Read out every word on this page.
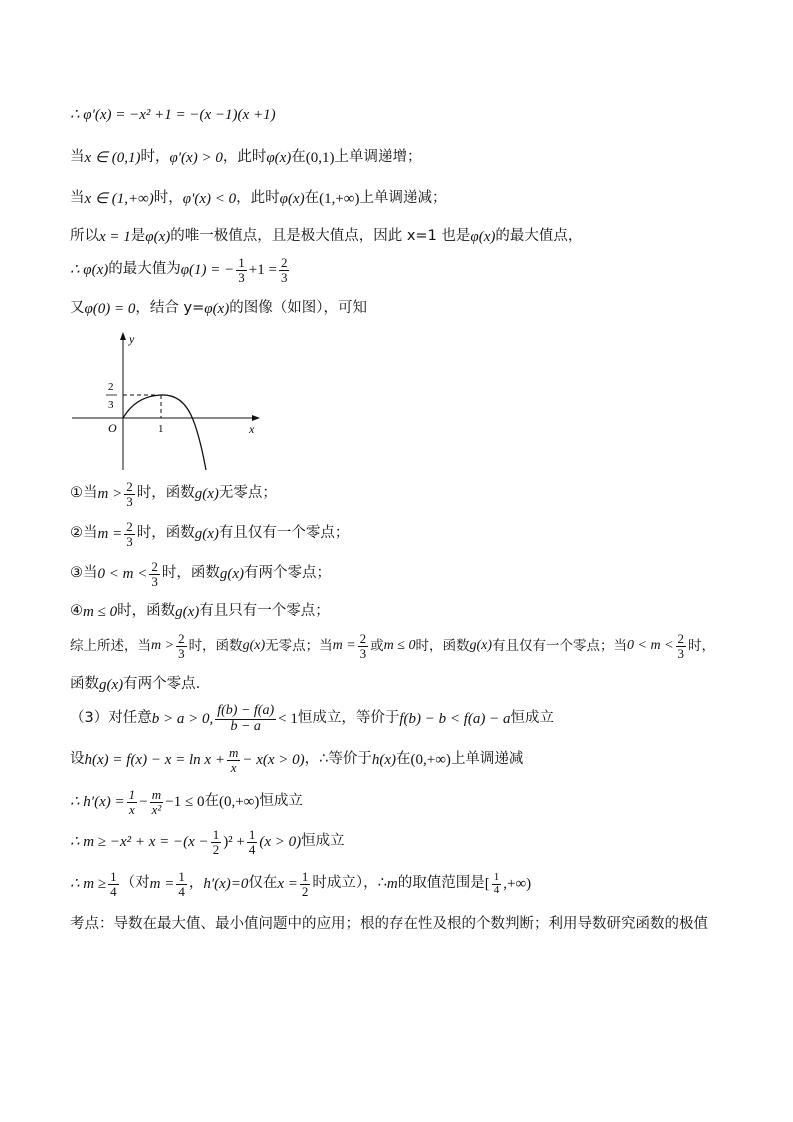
∴ φ′(x) = −x² +1 = −(x −1)(x +1)
当 x ∈ (0,1) 时， φ′(x) > 0 ，此时 φ(x) 在 (0,1) 上单调递增；
当 x ∈ (1,+∞) 时， φ′(x) < 0 ，此时 φ(x) 在 (1,+∞) 上单调递减；
所以 x = 1 是 φ(x) 的唯一极值点，且是极大值点，因此 x=1 也是 φ(x) 的最大值点，
∴ φ(x) 的最大值为 φ(1) = − $\frac{1}{3} +1 = \frac{2}{3}$
又 φ(0) = 0 ，结合 y= φ(x) 的图像（如图），可知
y
x
O	1
2
3
①当 $m > \frac{2}{3}$ 时，函数 g(x) 无零点；
②当 $m = \frac{2}{3}$ 时，函数 g(x) 有且仅有一个零点；
③当 $0 < m < \frac{2}{3}$ 时，函数 g(x) 有两个零点；
④ m ≤ 0 时，函数 g(x) 有且只有一个零点；
综上所述，当 $m > \frac{2}{3}$ 时，函数 g(x) 无零点；当 $m = \frac{2}{3}$ 或 m ≤ 0 时，函数 g(x) 有且仅有一个零点；当 $0 < m < \frac{2}{3}$ 时，
函数 g(x) 有两个零点.
（3）对任意 b > a > 0, $\frac{f(b) - f(a)}{b - a} < 1$ 恒成立，等价于 f(b) − b < f(a) − a 恒成立
设 $h(x) = f(x) - x = \ln x + \frac{m}{x} - x(x > 0)$ ，∴等价于 h(x) 在 (0,+∞) 上单调递减
∴ $h'(x) = \frac{1}{x} - \frac{m}{\text{x²}} -1 \le 0$ 在 (0,+∞) 恒成立
∴ $m \ge -x^2 + x = -(x - \frac{1}{2} )^2 + \frac{1}{4} (x > 0)$ 恒成立
∴ $m \ge \frac{1}{4}$ （对 $m = \frac{1}{4}$ ， h′(x)=0 仅在 $x = \frac{1}{2}$ 时成立），∴ m 的取值范围是 [ $\frac{1}{4}$ ,+∞)
考点：导数在最大值、最小值问题中的应用；根的存在性及根的个数判断；利用导数研究函数的极值
